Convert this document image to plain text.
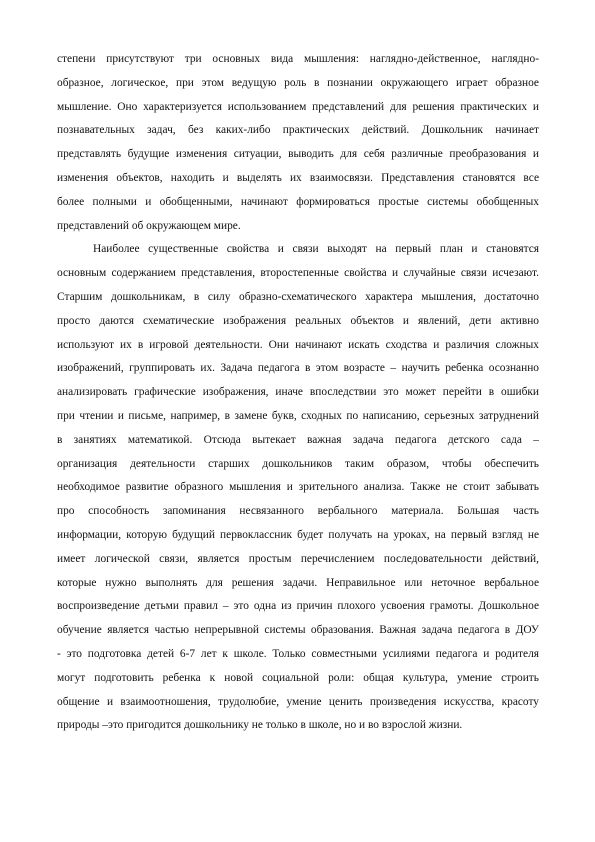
степени присутствуют три основных вида мышления: наглядно-действенное, наглядно-
образное, логическое, при этом ведущую роль в познании окружающего играет образное
мышление. Оно характеризуется использованием представлений для решения практических и
познавательных задач, без каких-либо практических действий. Дошкольник начинает
представлять будущие изменения ситуации, выводить для себя различные преобразования и
изменения объектов, находить и выделять их взаимосвязи. Представления становятся все
более полными и обобщенными, начинают формироваться простые системы обобщенных
представлений об окружающем мире.
Наиболее существенные свойства и связи выходят на первый план и становятся
основным содержанием представления, второстепенные свойства и случайные связи исчезают.
Старшим дошкольникам, в силу образно-схематического характера мышления, достаточно
просто даются схематические изображения реальных объектов и явлений, дети активно
используют их в игровой деятельности. Они начинают искать сходства и различия сложных
изображений, группировать их. Задача педагога в этом возрасте – научить ребенка осознанно
анализировать графические изображения, иначе впоследствии это может перейти в ошибки
при чтении и письме, например, в замене букв, сходных по написанию, серьезных затруднений
в занятиях математикой. Отсюда вытекает важная задача педагога детского сада –
организация деятельности старших дошкольников таким образом, чтобы обеспечить
необходимое развитие образного мышления и зрительного анализа. Также не стоит забывать
про способность запоминания несвязанного вербального материала. Большая часть
информации, которую будущий первоклассник будет получать на уроках, на первый взгляд не
имеет логической связи, является простым перечислением последовательности действий,
которые нужно выполнять для решения задачи. Неправильное или неточное вербальное
воспроизведение детьми правил – это одна из причин плохого усвоения грамоты. Дошкольное
обучение является частью непрерывной системы образования. Важная задача педагога в ДОУ
- это подготовка детей 6-7 лет к школе. Только совместными усилиями педагога и родителя
могут подготовить ребенка к новой социальной роли: общая культура, умение строить
общение и взаимоотношения, трудолюбие, умение ценить произведения искусства, красоту
природы –это пригодится дошкольнику не только в школе, но и во взрослой жизни.
